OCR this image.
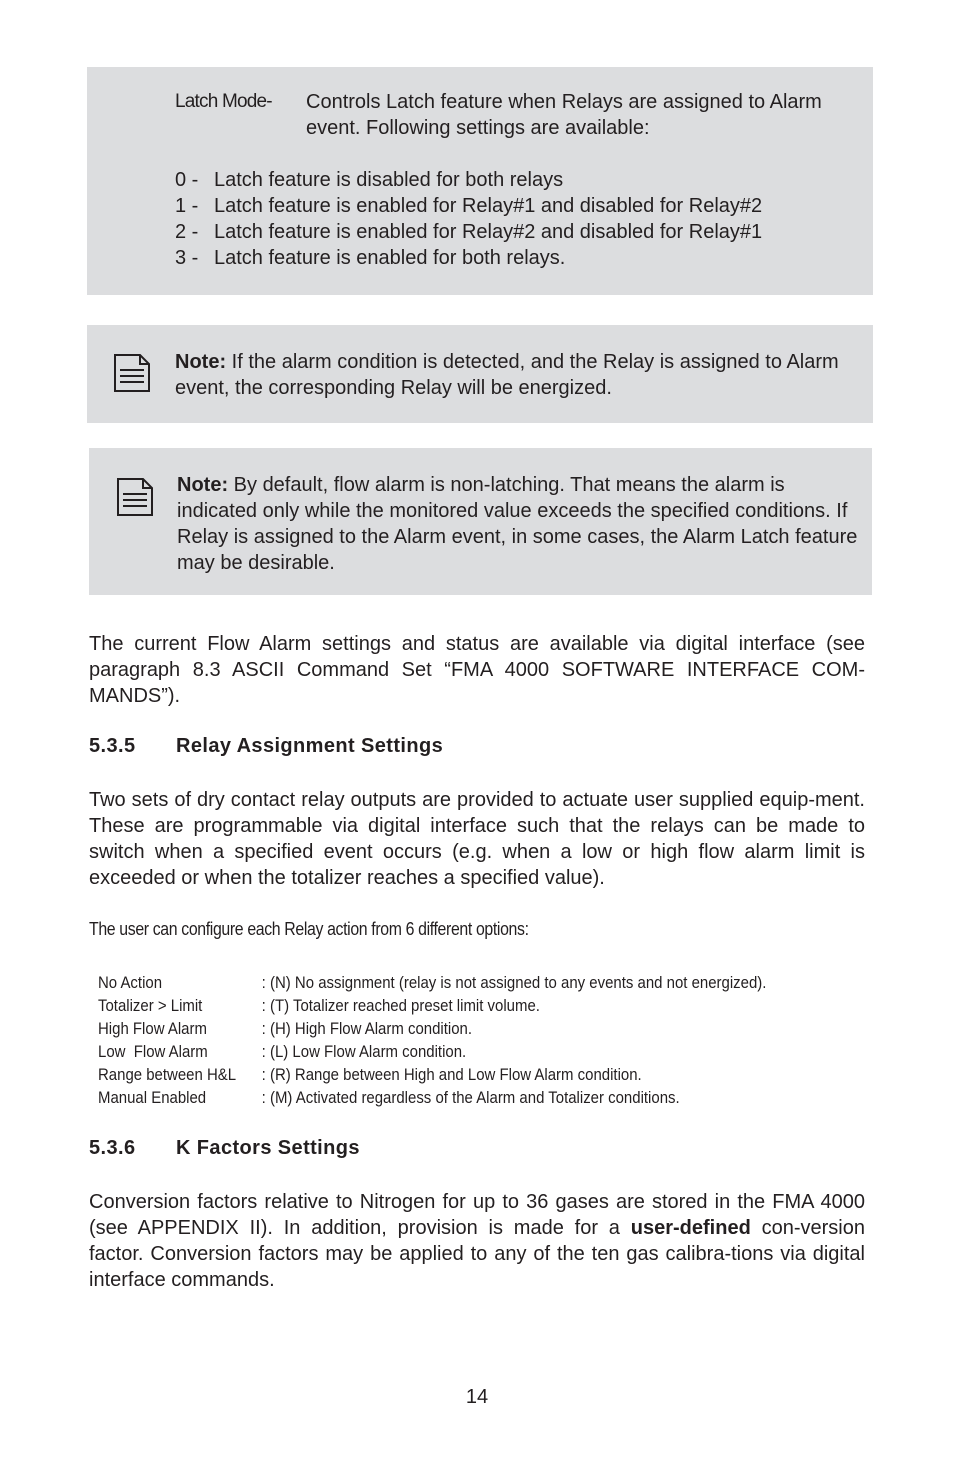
Latch Mode- Controls Latch feature when Relays are assigned to Alarm event. Following settings are available:
0 - Latch feature is disabled for both relays
1 - Latch feature is enabled for Relay#1 and disabled for Relay#2
2 - Latch feature is enabled for Relay#2 and disabled for Relay#1
3 - Latch feature is enabled for both relays.
Note: If the alarm condition is detected, and the Relay is assigned to Alarm event, the corresponding Relay will be energized.
Note: By default, flow alarm is non-latching. That means the alarm is indicated only while the monitored value exceeds the specified conditions. If Relay is assigned to the Alarm event, in some cases, the Alarm Latch feature may be desirable.
The current Flow Alarm settings and status are available via digital interface (see paragraph 8.3 ASCII Command Set “FMA 4000 SOFTWARE INTERFACE COM-MANDS”).
5.3.5 Relay Assignment Settings
Two sets of dry contact relay outputs are provided to actuate user supplied equip-ment. These are programmable via digital interface such that the relays can be made to switch when a specified event occurs (e.g. when a low or high flow alarm limit is exceeded or when the totalizer reaches a specified value).
The user can configure each Relay action from 6 different options:
No Action	: (N) No assignment (relay is not assigned to any events and not energized).
Totalizer > Limit	: (T) Totalizer reached preset limit volume.
High Flow Alarm	: (H) High Flow Alarm condition.
Low  Flow Alarm	: (L) Low Flow Alarm condition.
Range between H&L	: (R) Range between High and Low Flow Alarm condition.
Manual Enabled	: (M) Activated regardless of the Alarm and Totalizer conditions.
5.3.6 K Factors Settings
Conversion factors relative to Nitrogen for up to 36 gases are stored in the FMA 4000 (see APPENDIX II). In addition, provision is made for a user-defined con-version factor. Conversion factors may be applied to any of the ten gas calibra-tions via digital interface commands.
14
